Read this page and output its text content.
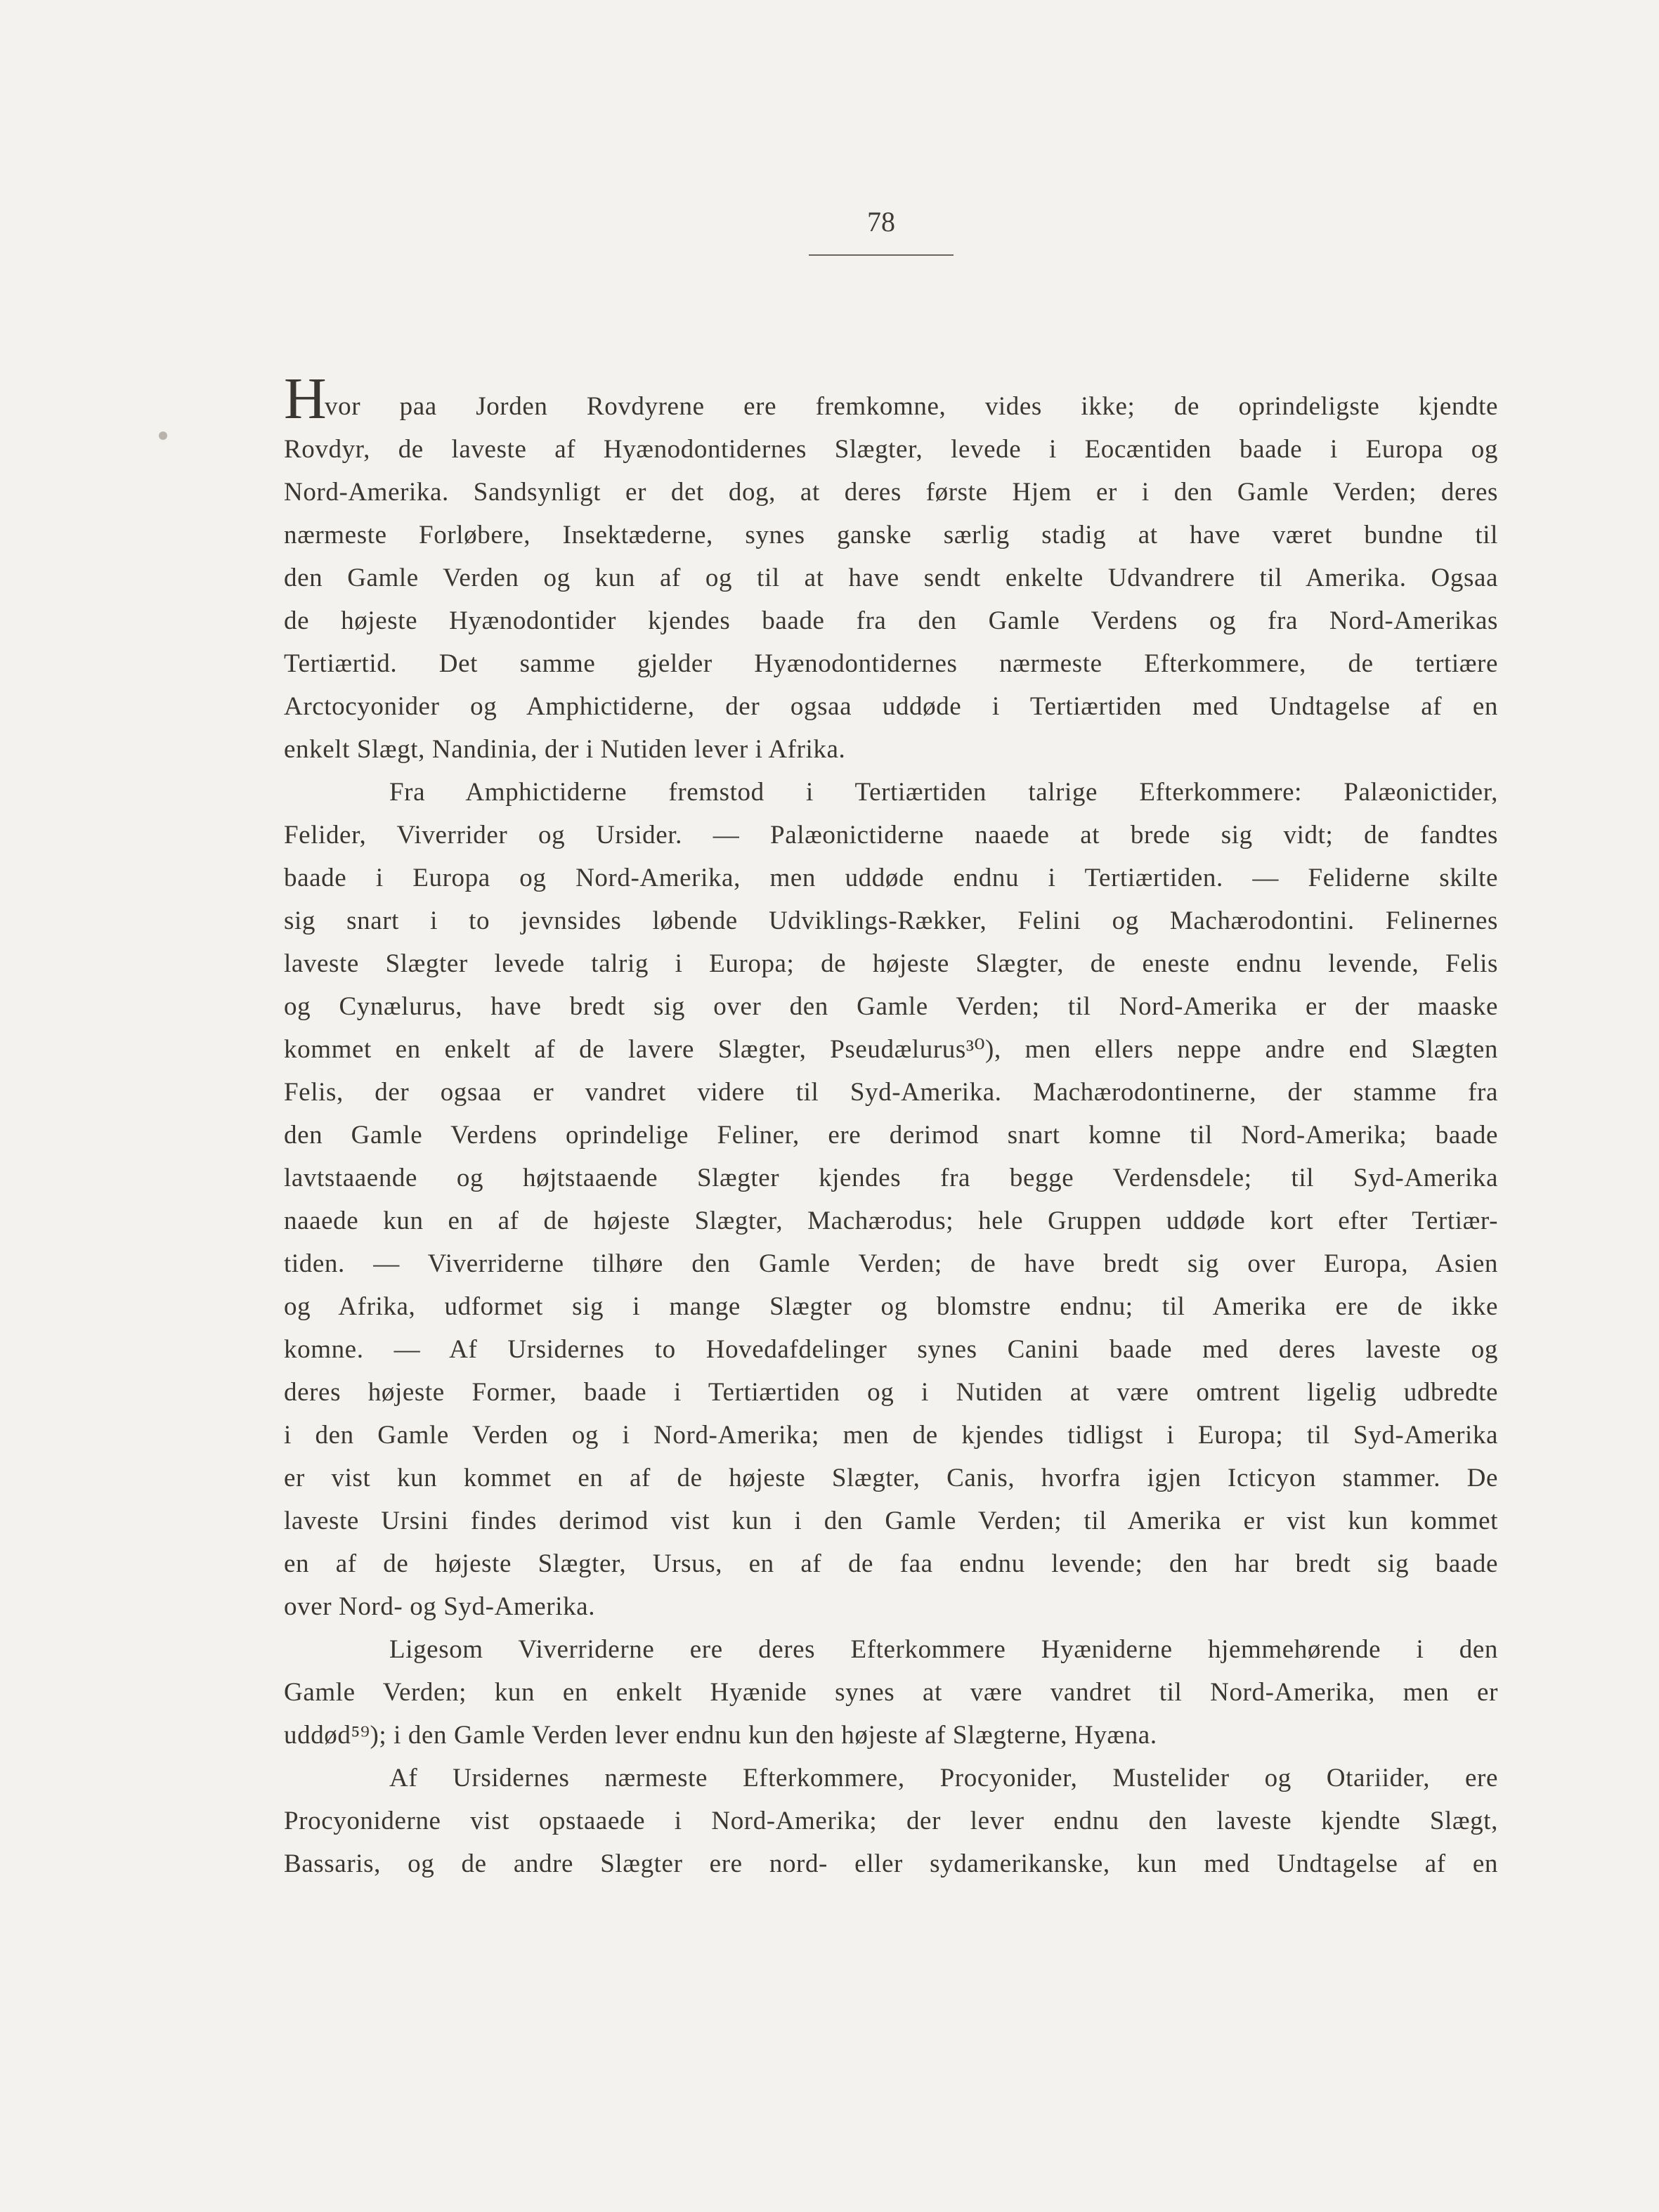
78
H
vor paa Jorden Rovdyrene ere fremkomne, vides ikke; de oprindeligste kjendte
Rovdyr, de laveste af Hyænodontidernes Slægter, levede i Eocæntiden baade i Europa og
Nord-Amerika. Sandsynligt er det dog, at deres første Hjem er i den Gamle Verden; deres
nærmeste Forløbere, Insektæderne, synes ganske særlig stadig at have været bundne til
den Gamle Verden og kun af og til at have sendt enkelte Udvandrere til Amerika. Ogsaa
de højeste Hyænodontider kjendes baade fra den Gamle Verdens og fra Nord-Amerikas
Tertiærtid. Det samme gjelder Hyænodontidernes nærmeste Efterkommere, de tertiære
Arctocyonider og Amphictiderne, der ogsaa uddøde i Tertiærtiden med Undtagelse af en
enkelt Slægt, Nandinia, der i Nutiden lever i Afrika.
Fra Amphictiderne fremstod i Tertiærtiden talrige Efterkommere: Palæonictider,
Felider, Viverrider og Ursider. — Palæonictiderne naaede at brede sig vidt; de fandtes
baade i Europa og Nord-Amerika, men uddøde endnu i Tertiærtiden. — Feliderne skilte
sig snart i to jevnsides løbende Udviklings-Rækker, Felini og Machærodontini. Felinernes
laveste Slægter levede talrig i Europa; de højeste Slægter, de eneste endnu levende, Felis
og Cynælurus, have bredt sig over den Gamle Verden; til Nord-Amerika er der maaske
kommet en enkelt af de lavere Slægter, Pseudælurus³⁰), men ellers neppe andre end Slægten
Felis, der ogsaa er vandret videre til Syd-Amerika. Machærodontinerne, der stamme fra
den Gamle Verdens oprindelige Feliner, ere derimod snart komne til Nord-Amerika; baade
lavtstaaende og højtstaaende Slægter kjendes fra begge Verdensdele; til Syd-Amerika
naaede kun en af de højeste Slægter, Machærodus; hele Gruppen uddøde kort efter Tertiær-
tiden. — Viverriderne tilhøre den Gamle Verden; de have bredt sig over Europa, Asien
og Afrika, udformet sig i mange Slægter og blomstre endnu; til Amerika ere de ikke
komne. — Af Ursidernes to Hovedafdelinger synes Canini baade med deres laveste og
deres højeste Former, baade i Tertiærtiden og i Nutiden at være omtrent ligelig udbredte
i den Gamle Verden og i Nord-Amerika; men de kjendes tidligst i Europa; til Syd-Amerika
er vist kun kommet en af de højeste Slægter, Canis, hvorfra igjen Icticyon stammer. De
laveste Ursini findes derimod vist kun i den Gamle Verden; til Amerika er vist kun kommet
en af de højeste Slægter, Ursus, en af de faa endnu levende; den har bredt sig baade
over Nord- og Syd-Amerika.
Ligesom Viverriderne ere deres Efterkommere Hyæniderne hjemmehørende i den
Gamle Verden; kun en enkelt Hyænide synes at være vandret til Nord-Amerika, men er
uddød⁵⁹); i den Gamle Verden lever endnu kun den højeste af Slægterne, Hyæna.
Af Ursidernes nærmeste Efterkommere, Procyonider, Mustelider og Otariider, ere
Procyoniderne vist opstaaede i Nord-Amerika; der lever endnu den laveste kjendte Slægt,
Bassaris, og de andre Slægter ere nord- eller sydamerikanske, kun med Undtagelse af en
